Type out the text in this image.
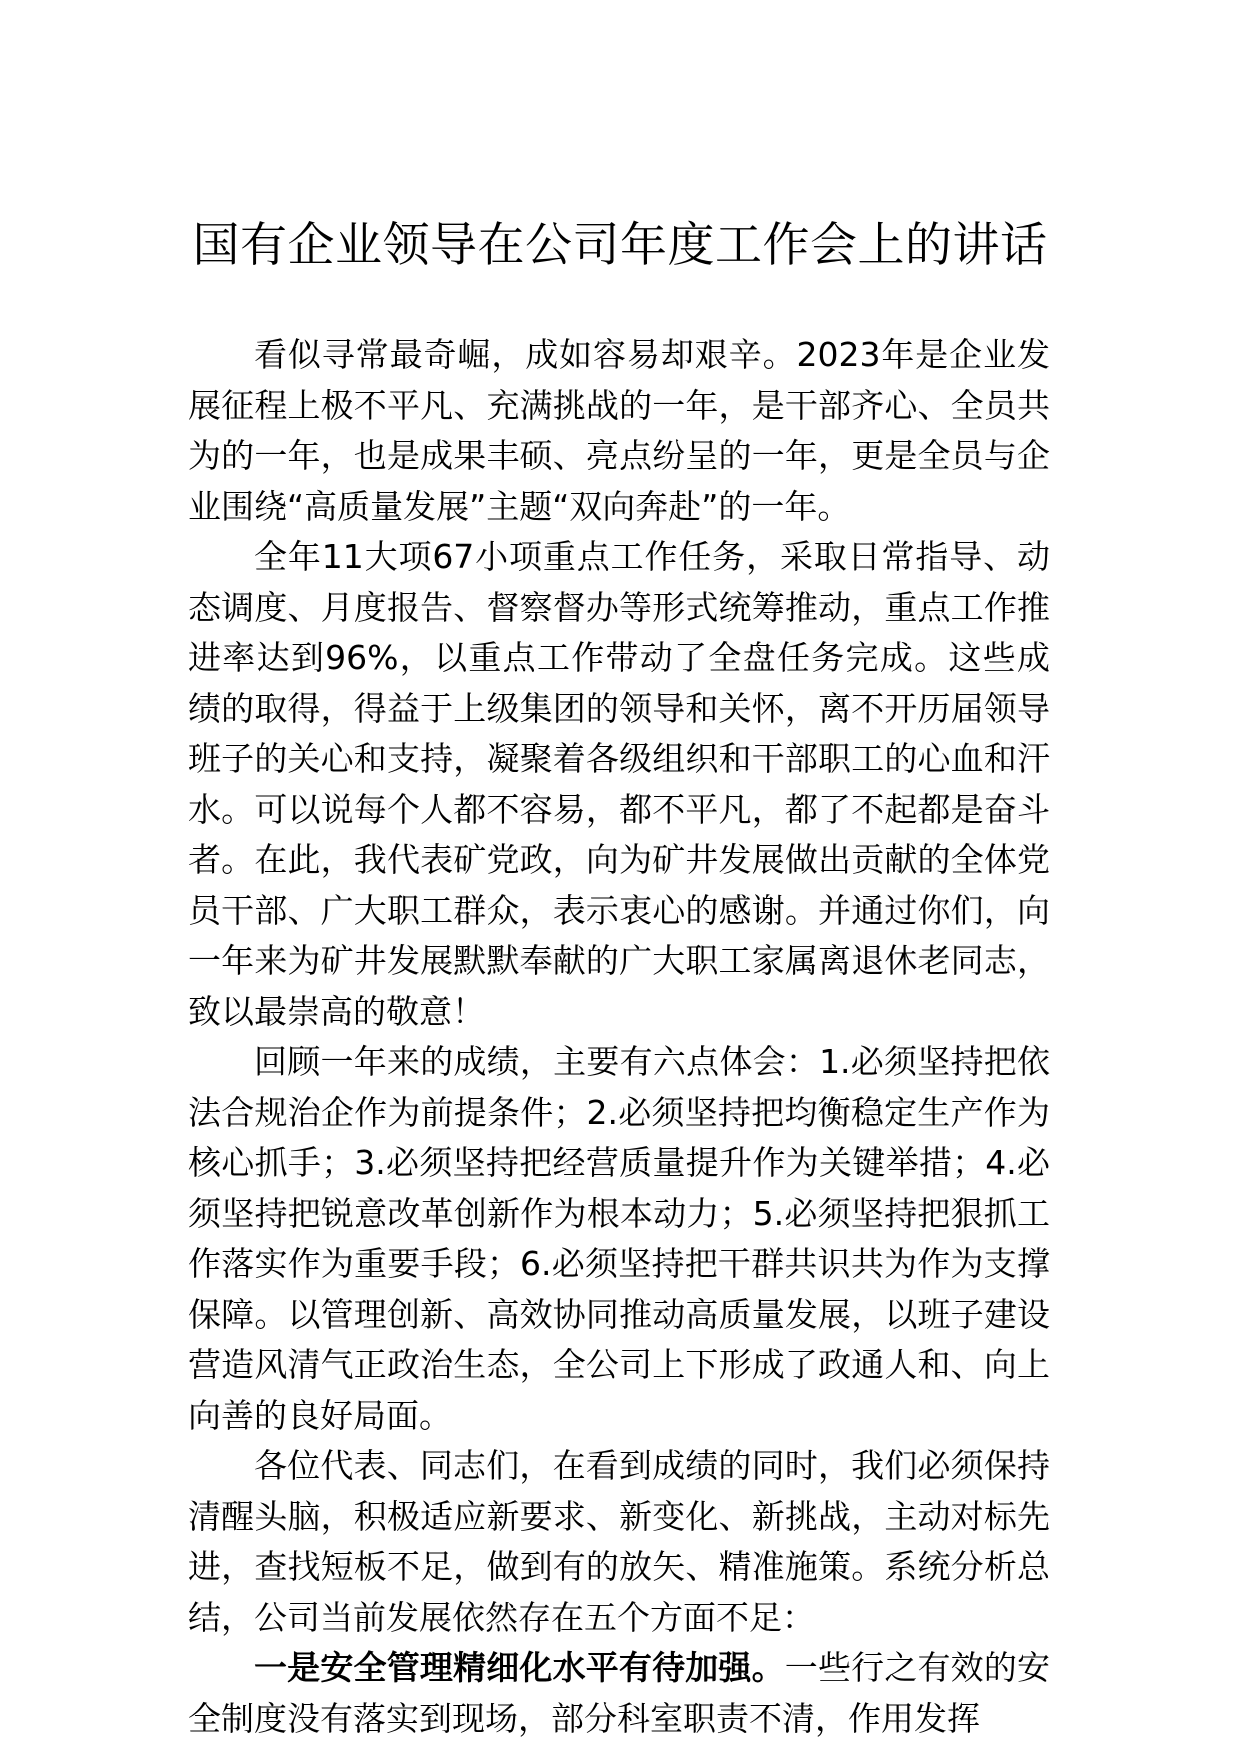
国有企业领导在公司年度工作会上的讲话

看似寻常最奇崛，成如容易却艰辛。2023年是企业发展征程上极不平凡、充满挑战的一年，是干部齐心、全员共为的一年，也是成果丰硕、亮点纷呈的一年，更是全员与企业围绕“高质量发展”主题“双向奔赴”的一年。

全年11大项67小项重点工作任务，采取日常指导、动态调度、月度报告、督察督办等形式统筹推动，重点工作推进率达到96%，以重点工作带动了全盘任务完成。这些成绩的取得，得益于上级集团的领导和关怀，离不开历届领导班子的关心和支持，凝聚着各级组织和干部职工的心血和汗水。可以说每个人都不容易，都不平凡，都了不起都是奋斗者。在此，我代表矿党政，向为矿井发展做出贡献的全体党员干部、广大职工群众，表示衷心的感谢。并通过你们，向一年来为矿井发展默默奉献的广大职工家属离退休老同志，致以最崇高的敬意！

回顾一年来的成绩，主要有六点体会：1.必须坚持把依法合规治企作为前提条件；2.必须坚持把均衡稳定生产作为核心抓手；3.必须坚持把经营质量提升作为关键举措；4.必须坚持把锐意改革创新作为根本动力；5.必须坚持把狠抓工作落实作为重要手段；6.必须坚持把干群共识共为作为支撑保障。以管理创新、高效协同推动高质量发展，以班子建设营造风清气正政治生态，全公司上下形成了政通人和、向上向善的良好局面。

各位代表、同志们，在看到成绩的同时，我们必须保持清醒头脑，积极适应新要求、新变化、新挑战，主动对标先进，查找短板不足，做到有的放矢、精准施策。系统分析总结，公司当前发展依然存在五个方面不足：

一是安全管理精细化水平有待加强。一些行之有效的安全制度没有落实到现场，部分科室职责不清，作用发挥
